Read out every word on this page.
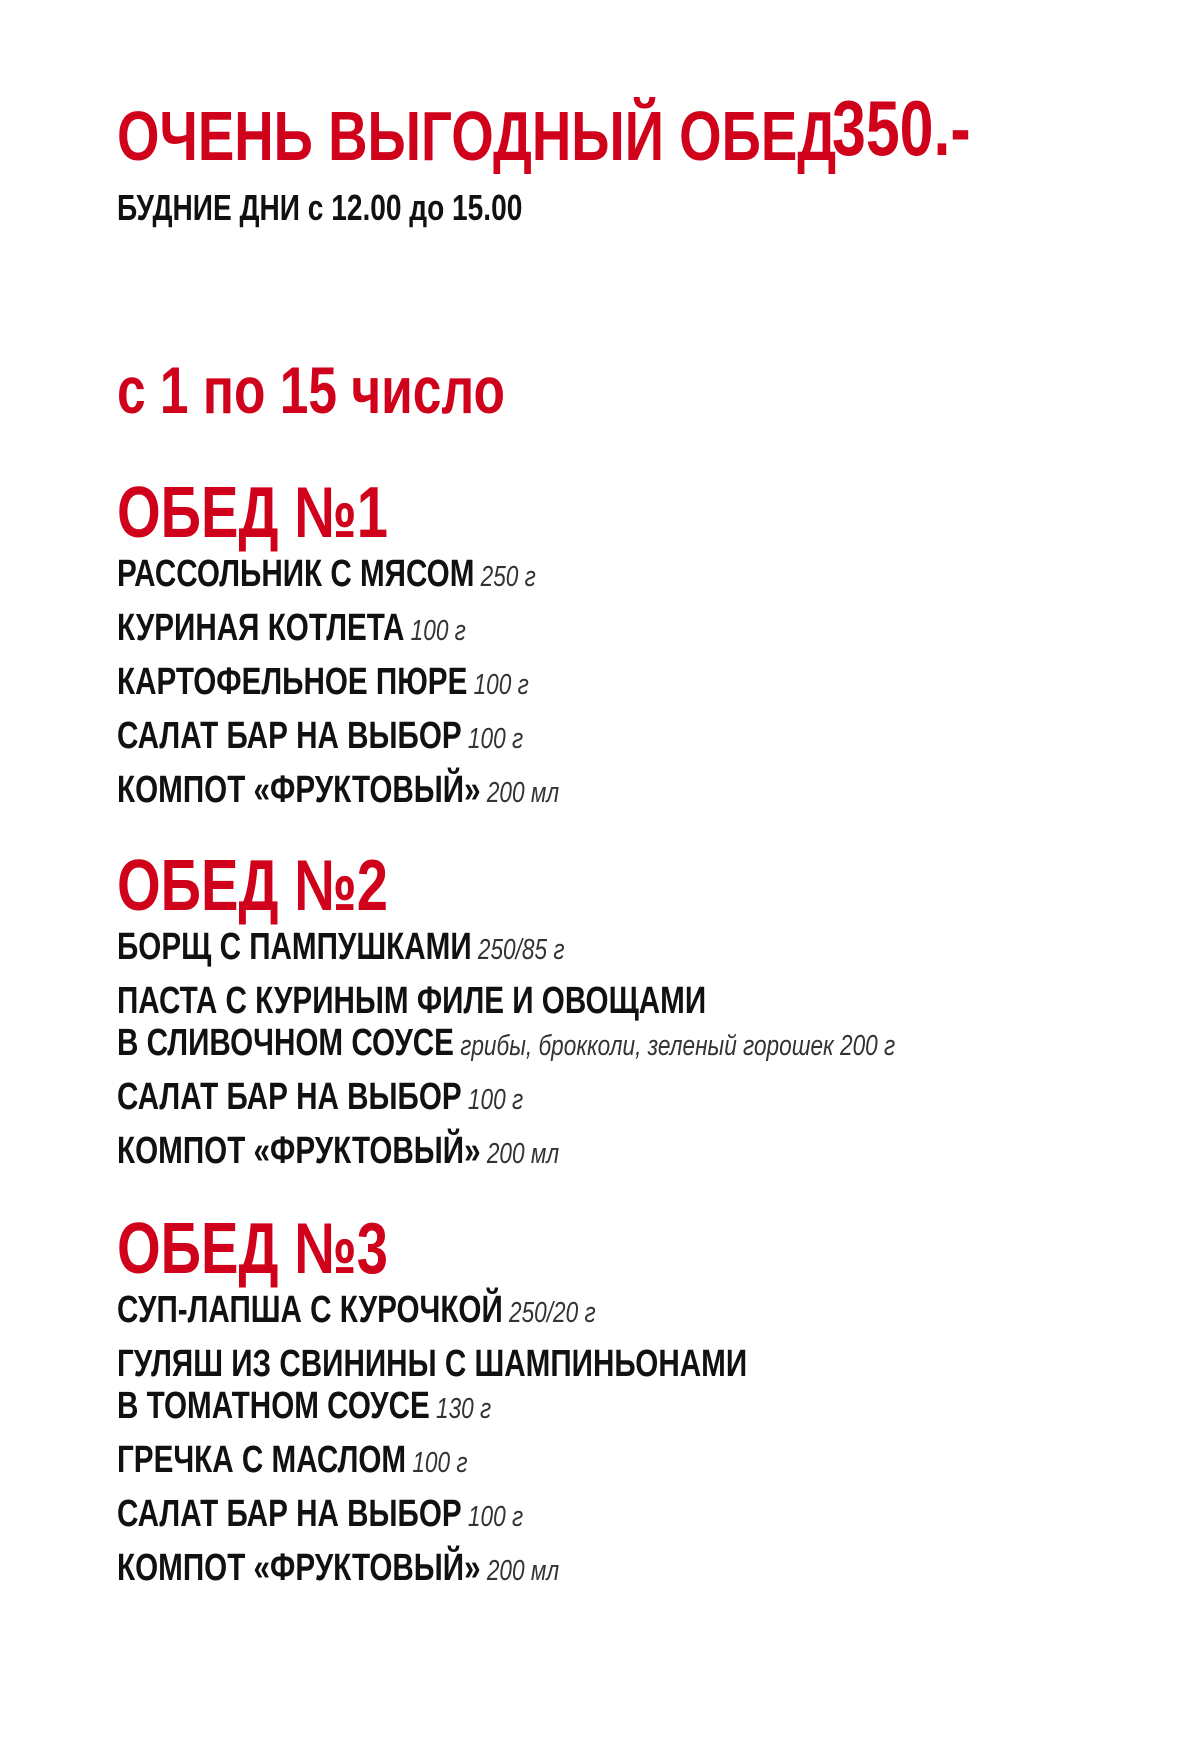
ОЧЕНЬ ВЫГОДНЫЙ ОБЕД
350.-
БУДНИЕ ДНИ с 12.00 до 15.00
с 1 по 15 число
ОБЕД №1
РАССОЛЬНИК С МЯСОМ 250 г
КУРИНАЯ КОТЛЕТА 100 г
КАРТОФЕЛЬНОЕ ПЮРЕ 100 г
САЛАТ БАР НА ВЫБОР 100 г
КОМПОТ «ФРУКТОВЫЙ» 200 мл
ОБЕД №2
БОРЩ С ПАМПУШКАМИ 250/85 г
ПАСТА С КУРИНЫМ ФИЛЕ И ОВОЩАМИ
В СЛИВОЧНОМ СОУСЕ грибы, брокколи, зеленый горошек 200 г
САЛАТ БАР НА ВЫБОР 100 г
КОМПОТ «ФРУКТОВЫЙ» 200 мл
ОБЕД №3
СУП-ЛАПША С КУРОЧКОЙ 250/20 г
ГУЛЯШ ИЗ СВИНИНЫ С ШАМПИНЬОНАМИ
В ТОМАТНОМ СОУСЕ 130 г
ГРЕЧКА С МАСЛОМ 100 г
САЛАТ БАР НА ВЫБОР 100 г
КОМПОТ «ФРУКТОВЫЙ» 200 мл
